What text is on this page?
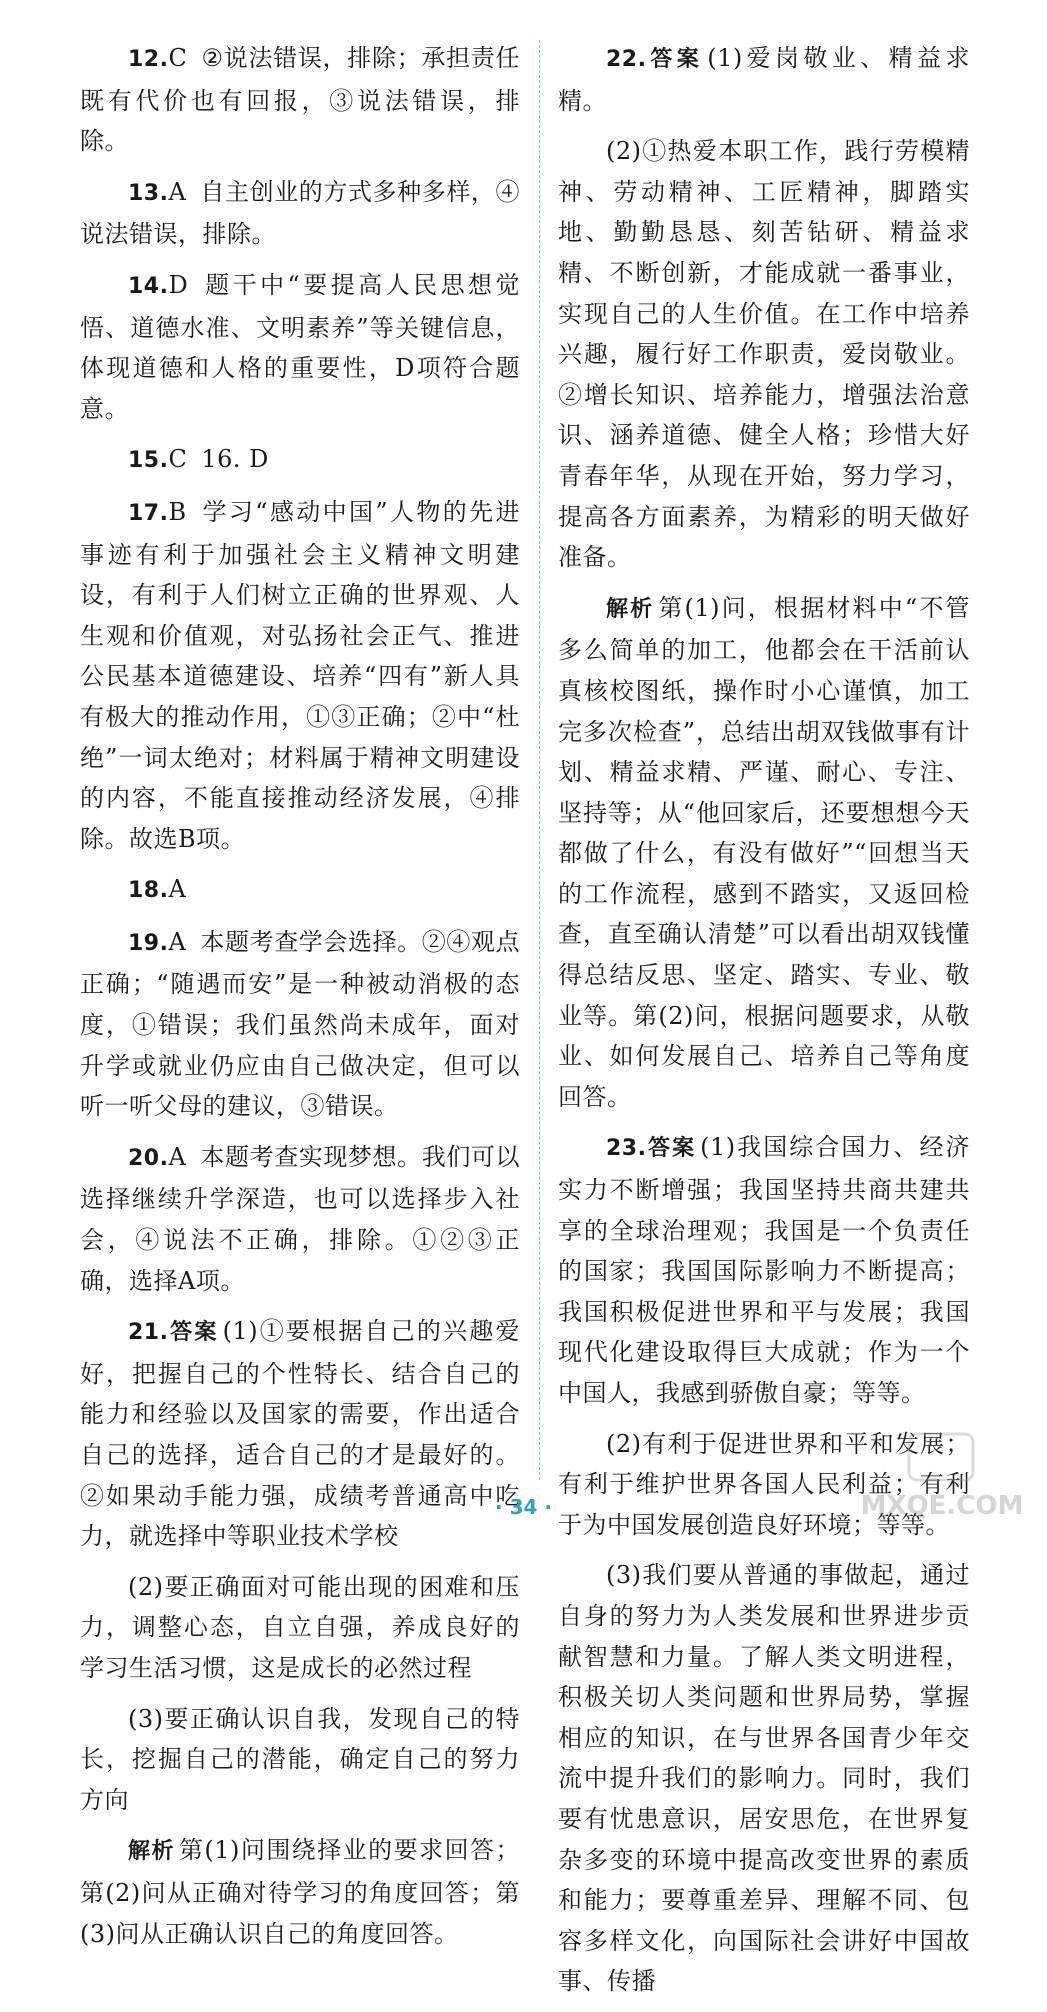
12.C ②说法错误，排除；承担责任既有代价也有回报，③说法错误，排除。

13.A 自主创业的方式多种多样，④说法错误，排除。

14.D 题干中“要提高人民思想觉悟、道德水准、文明素养”等关键信息，体现道德和人格的重要性，D项符合题意。

15.C 16. D

17.B 学习“感动中国”人物的先进事迹有利于加强社会主义精神文明建设，有利于人们树立正确的世界观、人生观和价值观，对弘扬社会正气、推进公民基本道德建设、培养“四有”新人具有极大的推动作用，①③正确；②中“杜绝”一词太绝对；材料属于精神文明建设的内容，不能直接推动经济发展，④排除。故选B项。

18.A

19.A 本题考查学会选择。②④观点正确；“随遇而安”是一种被动消极的态度，①错误；我们虽然尚未成年，面对升学或就业仍应由自己做决定，但可以听一听父母的建议，③错误。

20.A 本题考查实现梦想。我们可以选择继续升学深造，也可以选择步入社会，④说法不正确，排除。①②③正确，选择A项。

21.答案 (1)①要根据自己的兴趣爱好，把握自己的个性特长、结合自己的能力和经验以及国家的需要，作出适合自己的选择，适合自己的才是最好的。②如果动手能力强，成绩考普通高中吃力，就选择中等职业技术学校

(2)要正确面对可能出现的困难和压力，调整心态，自立自强，养成良好的学习生活习惯，这是成长的必然过程

(3)要正确认识自我，发现自己的特长，挖掘自己的潜能，确定自己的努力方向

解析 第(1)问围绕择业的要求回答；第(2)问从正确对待学习的角度回答；第(3)问从正确认识自己的角度回答。

22.答案 (1)爱岗敬业、精益求精。

(2)①热爱本职工作，践行劳模精神、劳动精神、工匠精神，脚踏实地、勤勤恳恳、刻苦钻研、精益求精、不断创新，才能成就一番事业，实现自己的人生价值。在工作中培养兴趣，履行好工作职责，爱岗敬业。②增长知识、培养能力，增强法治意识、涵养道德、健全人格；珍惜大好青春年华，从现在开始，努力学习，提高各方面素养，为精彩的明天做好准备。

解析 第(1)问，根据材料中“不管多么简单的加工，他都会在干活前认真核校图纸，操作时小心谨慎，加工完多次检查”，总结出胡双钱做事有计划、精益求精、严谨、耐心、专注、坚持等；从“他回家后，还要想想今天都做了什么，有没有做好”“回想当天的工作流程，感到不踏实，又返回检查，直至确认清楚”可以看出胡双钱懂得总结反思、坚定、踏实、专业、敬业等。第(2)问，根据问题要求，从敬业、如何发展自己、培养自己等角度回答。

23.答案 (1)我国综合国力、经济实力不断增强；我国坚持共商共建共享的全球治理观；我国是一个负责任的国家；我国国际影响力不断提高；我国积极促进世界和平与发展；我国现代化建设取得巨大成就；作为一个中国人，我感到骄傲自豪；等等。

(2)有利于促进世界和平和发展；有利于维护世界各国人民利益；有利于为中国发展创造良好环境；等等。

(3)我们要从普通的事做起，通过自身的努力为人类发展和世界进步贡献智慧和力量。了解人类文明进程，积极关切人类问题和世界局势，掌握相应的知识，在与世界各国青少年交流中提升我们的影响力。同时，我们要有忧患意识，居安思危，在世界复杂多变的环境中提高改变世界的素质和能力；要尊重差异、理解不同、包容多样文化，向国际社会讲好中国故事、传播

· 34 ·	MXQE.COM
